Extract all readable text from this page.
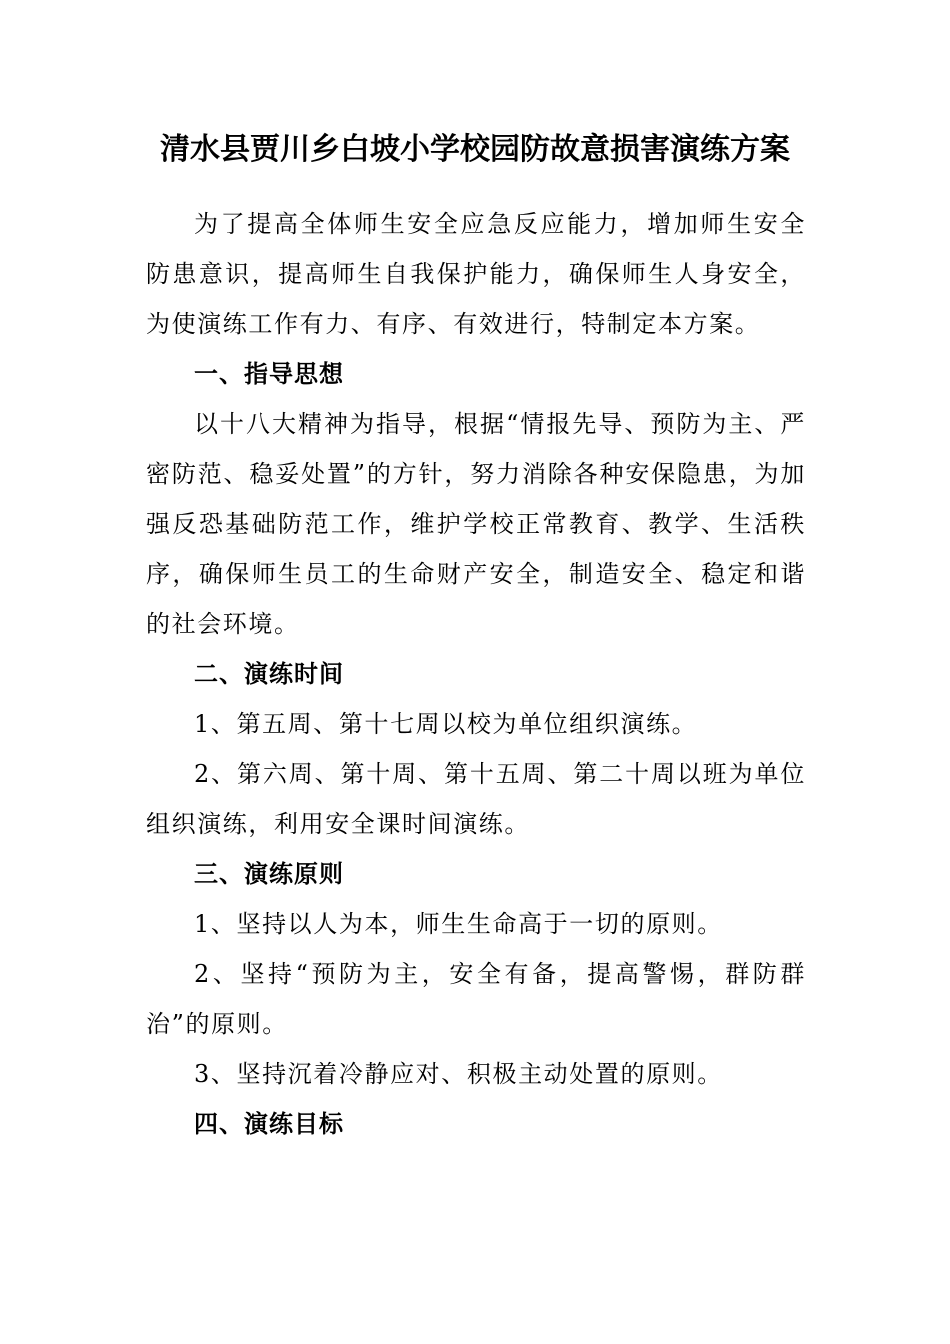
清水县贾川乡白坡小学校园防故意损害演练方案

为了提高全体师生安全应急反应能力，增加师生安全防患意识，提高师生自我保护能力，确保师生人身安全，为使演练工作有力、有序、有效进行，特制定本方案。

一、指导思想

以十八大精神为指导，根据“情报先导、预防为主、严密防范、稳妥处置”的方针，努力消除各种安保隐患，为加强反恐基础防范工作，维护学校正常教育、教学、生活秩序，确保师生员工的生命财产安全，制造安全、稳定和谐的社会环境。

二、演练时间

1、第五周、第十七周以校为单位组织演练。

2、第六周、第十周、第十五周、第二十周以班为单位组织演练，利用安全课时间演练。

三、演练原则

1、坚持以人为本，师生生命高于一切的原则。

2、坚持“预防为主，安全有备，提高警惕，群防群治”的原则。

3、坚持沉着冷静应对、积极主动处置的原则。

四、演练目标
